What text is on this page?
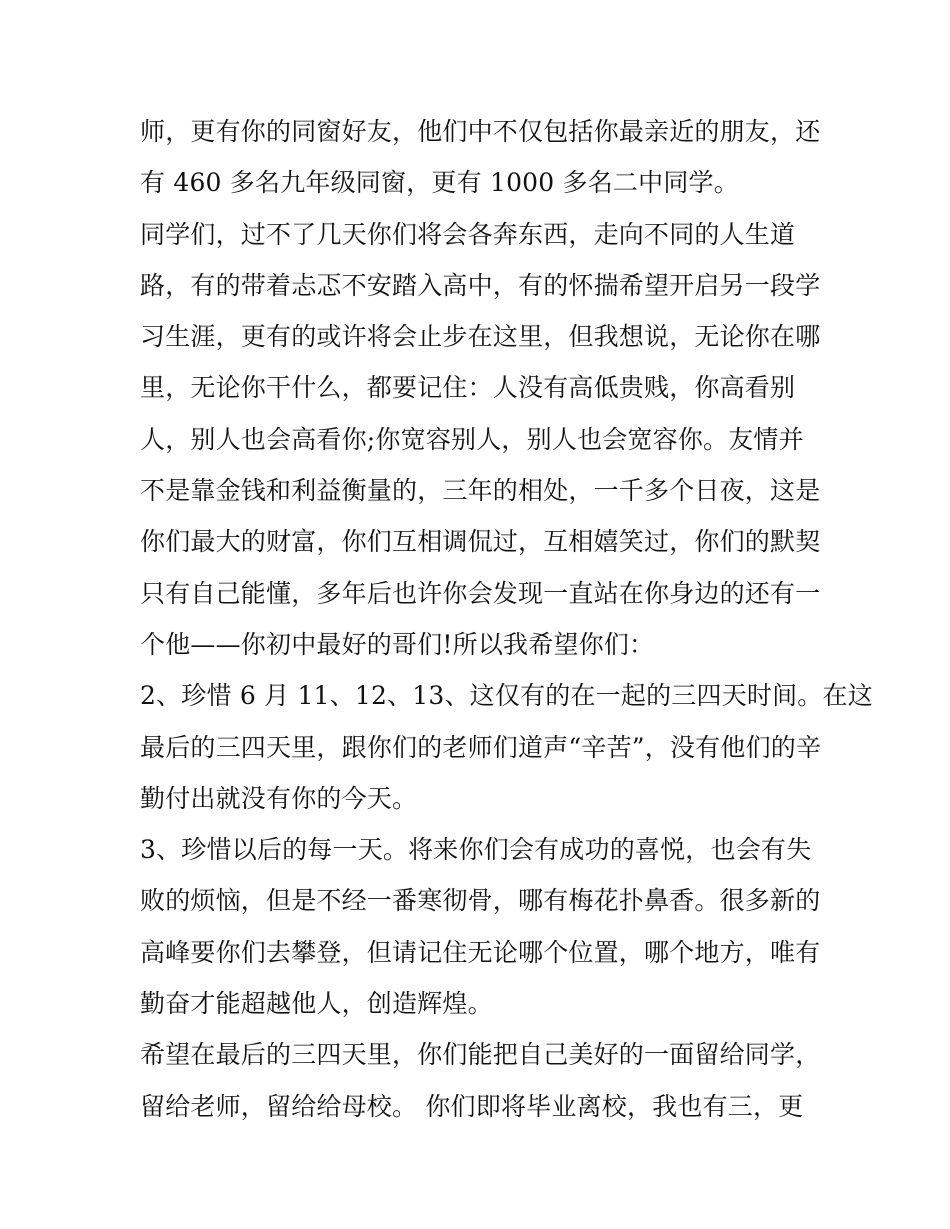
师，更有你的同窗好友，他们中不仅包括你最亲近的朋友，还
有 460 多名九年级同窗，更有 1000 多名二中同学。
同学们，过不了几天你们将会各奔东西，走向不同的人生道
路，有的带着忐忑不安踏入高中，有的怀揣希望开启另一段学
习生涯，更有的或许将会止步在这里，但我想说，无论你在哪
里，无论你干什么，都要记住：人没有高低贵贱，你高看别
人，别人也会高看你;你宽容别人，别人也会宽容你。友情并
不是靠金钱和利益衡量的，三年的相处，一千多个日夜，这是
你们最大的财富，你们互相调侃过，互相嬉笑过，你们的默契
只有自己能懂，多年后也许你会发现一直站在你身边的还有一
个他——你初中最好的哥们!所以我希望你们：
2、珍惜 6 月 11、12、13、这仅有的在一起的三四天时间。在这
最后的三四天里，跟你们的老师们道声“辛苦”，没有他们的辛
勤付出就没有你的今天。
3、珍惜以后的每一天。将来你们会有成功的喜悦，也会有失
败的烦恼，但是不经一番寒彻骨，哪有梅花扑鼻香。很多新的
高峰要你们去攀登，但请记住无论哪个位置，哪个地方，唯有
勤奋才能超越他人，创造辉煌。
希望在最后的三四天里，你们能把自己美好的一面留给同学，
留给老师，留给给母校。 你们即将毕业离校，我也有三，更
